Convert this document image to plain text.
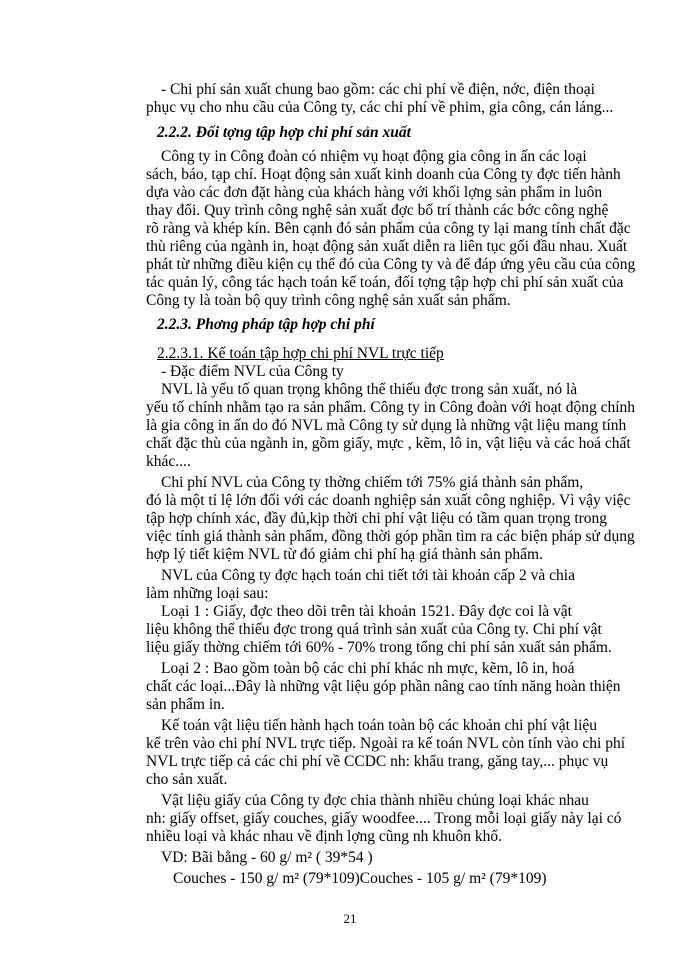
- Chi phí sản xuất chung bao gồm: các chi phí về điện, nớc, điện thoại
phục vụ cho nhu cầu của Công ty, các chi phí về phim, gia công, cán láng...
2.2.2. Đối tợng tập hợp chi phí sản xuất
Công ty in Công đoàn có nhiệm vụ hoạt động gia công in ấn các loại
sách, báo, tạp chí. Hoạt động sản xuất kinh doanh của Công ty đợc tiến hành
dựa vào các đơn đặt hàng của khách hàng với khối lợng sản phẩm in luôn
thay đổi. Quy trình công nghệ sản xuất đợc bố trí thành các bớc công nghệ
rõ ràng và khép kín. Bên cạnh đó sản phẩm của công ty lại mang tính chất đặc
thù riêng của ngành in, hoạt động sản xuất diễn ra liên tục gối đầu nhau. Xuất
phát từ những điều kiện cụ thể đó của Công ty và để đáp ứng yêu cầu của công
tác quản lý, công tác hạch toán kế toán, đối tợng tập hợp chi phí sản xuất của
Công ty là toàn bộ quy trình công nghệ sản xuất sản phẩm.
2.2.3. Phơng pháp tập hợp chi phí
2.2.3.1. Kế toán tập hợp chi phí NVL trực tiếp
- Đặc điểm NVL của Công ty
NVL là yếu tố quan trọng không thể thiếu đợc trong sản xuất, nó là
yếu tố chính nhằm tạo ra sản phẩm. Công ty in Công đoàn với hoạt động chính
là gia công in ấn do đó NVL mà Công ty sử dụng là những vật liệu mang tính
chất đặc thù của ngành in, gồm giấy, mực , kẽm, lô in, vật liệu và các hoá chất
khác....
Chi phí NVL của Công ty thờng chiếm tới 75% giá thành sản phẩm,
đó là một tỉ lệ lớn đối với các doanh nghiệp sản xuất công nghiệp. Vì vậy việc
tập hợp chính xác, đầy đủ,kịp thời chi phí vật liệu có tầm quan trọng trong
việc tính giá thành sản phẩm, đồng thời góp phần tìm ra các biện pháp sử dụng
hợp lý tiết kiệm NVL từ đó giảm chi phí hạ giá thành sản phẩm.
NVL của Công ty đợc hạch toán chi tiết tới tài khoản cấp 2 và chia
làm những loại sau:
Loại 1 : Giấy, đợc theo dõi trên tài khoản 1521. Đây đợc coi là vật
liệu không thể thiếu đợc trong quá trình sản xuất của Công ty. Chi phí vật
liệu giấy thờng chiếm tới 60% - 70% trong tổng chi phí sản xuất sản phẩm.
Loại 2 : Bao gồm toàn bộ các chi phí khác nh mực, kẽm, lô in, hoá
chất các loại...Đây là những vật liệu góp phần nâng cao tính năng hoàn thiện
sản phẩm in.
Kế toán vật liệu tiến hành hạch toán toàn bộ các khoản chi phí vật liệu
kể trên vào chi phí NVL trực tiếp. Ngoài ra kế toán NVL còn tính vào chi phí
NVL trực tiếp cả các chi phí về CCDC nh: khẩu trang, găng tay,... phục vụ
cho sản xuất.
Vật liệu giấy của Công ty đợc chia thành nhiều chủng loại khác nhau
nh: giấy offset, giấy couches, giấy woodfee.... Trong mỗi loại giấy này lại có
nhiều loại và khác nhau về định lợng cũng nh khuôn khổ.
VD: Bãi bằng - 60 g/ m² ( 39*54 )
Couches - 150 g/ m² (79*109)Couches - 105 g/ m² (79*109)
21
